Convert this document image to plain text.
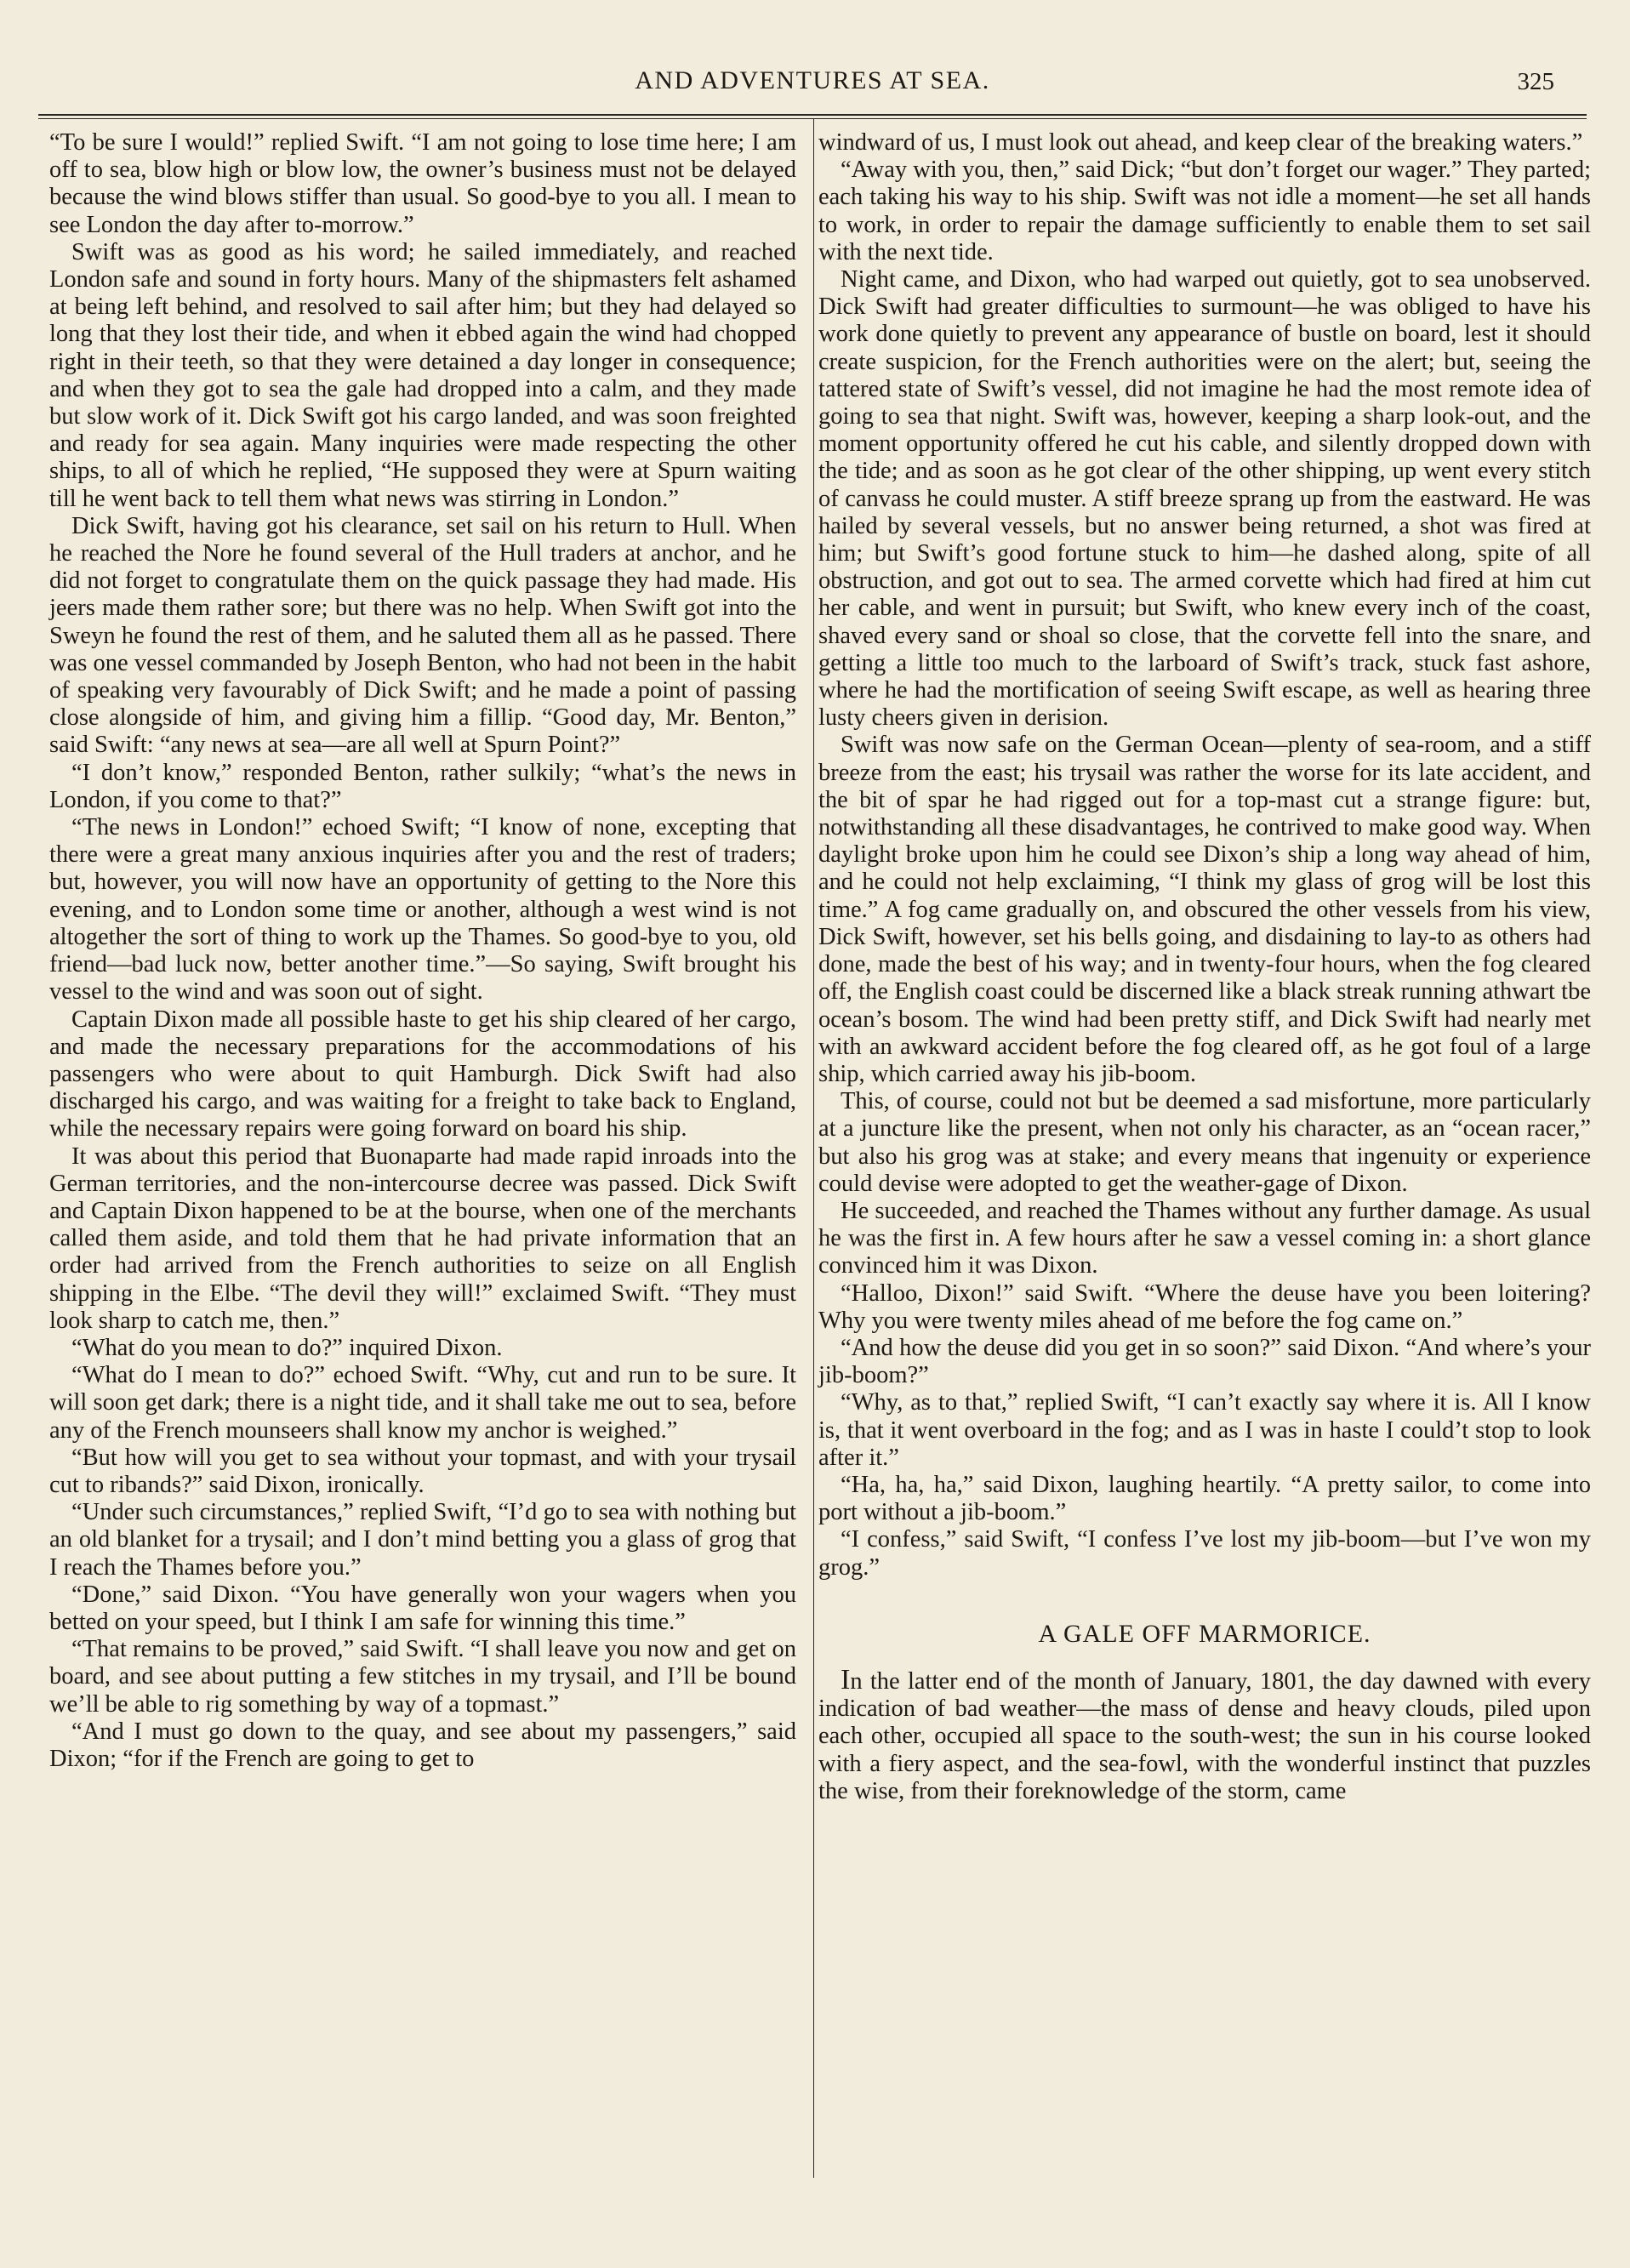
AND ADVENTURES AT SEA.	325

“To be sure I would!” replied Swift. “I am not going to lose time here; I am off to sea, blow high or blow low, the owner’s business must not be delayed because the wind blows stiffer than usual. So good-bye to you all. I mean to see London the day after to-morrow.”

Swift was as good as his word; he sailed immediately, and reached London safe and sound in forty hours. Many of the shipmasters felt ashamed at being left behind, and resolved to sail after him; but they had delayed so long that they lost their tide, and when it ebbed again the wind had chopped right in their teeth, so that they were detained a day longer in consequence; and when they got to sea the gale had dropped into a calm, and they made but slow work of it. Dick Swift got his cargo landed, and was soon freighted and ready for sea again. Many inquiries were made respecting the other ships, to all of which he replied, “He supposed they were at Spurn waiting till he went back to tell them what news was stirring in London.”

Dick Swift, having got his clearance, set sail on his return to Hull. When he reached the Nore he found several of the Hull traders at anchor, and he did not forget to congratulate them on the quick passage they had made. His jeers made them rather sore; but there was no help. When Swift got into the Sweyn he found the rest of them, and he saluted them all as he passed. There was one vessel commanded by Joseph Benton, who had not been in the habit of speaking very favourably of Dick Swift; and he made a point of passing close alongside of him, and giving him a fillip. “Good day, Mr. Benton,” said Swift: “any news at sea—are all well at Spurn Point?”

“I don’t know,” responded Benton, rather sulkily; “what’s the news in London, if you come to that?”

“The news in London!” echoed Swift; “I know of none, excepting that there were a great many anxious inquiries after you and the rest of traders; but, however, you will now have an opportunity of getting to the Nore this evening, and to London some time or another, although a west wind is not altogether the sort of thing to work up the Thames. So good-bye to you, old friend—bad luck now, better another time.”—So saying, Swift brought his vessel to the wind and was soon out of sight.

Captain Dixon made all possible haste to get his ship cleared of her cargo, and made the necessary preparations for the accommodations of his passengers who were about to quit Hamburgh. Dick Swift had also discharged his cargo, and was waiting for a freight to take back to England, while the necessary repairs were going forward on board his ship.

It was about this period that Buonaparte had made rapid inroads into the German territories, and the non-intercourse decree was passed. Dick Swift and Captain Dixon happened to be at the bourse, when one of the merchants called them aside, and told them that he had private information that an order had arrived from the French authorities to seize on all English shipping in the Elbe. “The devil they will!” exclaimed Swift. “They must look sharp to catch me, then.”

“What do you mean to do?” inquired Dixon.

“What do I mean to do?” echoed Swift. “Why, cut and run to be sure. It will soon get dark; there is a night tide, and it shall take me out to sea, before any of the French mounseers shall know my anchor is weighed.”

“But how will you get to sea without your topmast, and with your trysail cut to ribands?” said Dixon, ironically.

“Under such circumstances,” replied Swift, “I’d go to sea with nothing but an old blanket for a trysail; and I don’t mind betting you a glass of grog that I reach the Thames before you.”

“Done,” said Dixon. “You have generally won your wagers when you betted on your speed, but I think I am safe for winning this time.”

“That remains to be proved,” said Swift. “I shall leave you now and get on board, and see about putting a few stitches in my trysail, and I’ll be bound we’ll be able to rig something by way of a topmast.”

“And I must go down to the quay, and see about my passengers,” said Dixon; “for if the French are going to get to

windward of us, I must look out ahead, and keep clear of the breaking waters.”

“Away with you, then,” said Dick; “but don’t forget our wager.” They parted; each taking his way to his ship. Swift was not idle a moment—he set all hands to work, in order to repair the damage sufficiently to enable them to set sail with the next tide.

Night came, and Dixon, who had warped out quietly, got to sea unobserved. Dick Swift had greater difficulties to surmount—he was obliged to have his work done quietly to prevent any appearance of bustle on board, lest it should create suspicion, for the French authorities were on the alert; but, seeing the tattered state of Swift’s vessel, did not imagine he had the most remote idea of going to sea that night. Swift was, however, keeping a sharp look-out, and the moment opportunity offered he cut his cable, and silently dropped down with the tide; and as soon as he got clear of the other shipping, up went every stitch of canvass he could muster. A stiff breeze sprang up from the eastward. He was hailed by several vessels, but no answer being returned, a shot was fired at him; but Swift’s good fortune stuck to him—he dashed along, spite of all obstruction, and got out to sea. The armed corvette which had fired at him cut her cable, and went in pursuit; but Swift, who knew every inch of the coast, shaved every sand or shoal so close, that the corvette fell into the snare, and getting a little too much to the larboard of Swift’s track, stuck fast ashore, where he had the mortification of seeing Swift escape, as well as hearing three lusty cheers given in derision.

Swift was now safe on the German Ocean—plenty of sea-room, and a stiff breeze from the east; his trysail was rather the worse for its late accident, and the bit of spar he had rigged out for a top-mast cut a strange figure: but, notwithstanding all these disadvantages, he contrived to make good way. When daylight broke upon him he could see Dixon’s ship a long way ahead of him, and he could not help exclaiming, “I think my glass of grog will be lost this time.” A fog came gradually on, and obscured the other vessels from his view, Dick Swift, however, set his bells going, and disdaining to lay-to as others had done, made the best of his way; and in twenty-four hours, when the fog cleared off, the English coast could be discerned like a black streak running athwart tbe ocean’s bosom. The wind had been pretty stiff, and Dick Swift had nearly met with an awkward accident before the fog cleared off, as he got foul of a large ship, which carried away his jib-boom.

This, of course, could not but be deemed a sad misfortune, more particularly at a juncture like the present, when not only his character, as an “ocean racer,” but also his grog was at stake; and every means that ingenuity or experience could devise were adopted to get the weather-gage of Dixon.

He succeeded, and reached the Thames without any further damage. As usual he was the first in. A few hours after he saw a vessel coming in: a short glance convinced him it was Dixon.

“Halloo, Dixon!” said Swift. “Where the deuse have you been loitering? Why you were twenty miles ahead of me before the fog came on.”

“And how the deuse did you get in so soon?” said Dixon. “And where’s your jib-boom?”

“Why, as to that,” replied Swift, “I can’t exactly say where it is. All I know is, that it went overboard in the fog; and as I was in haste I could’t stop to look after it.”

“Ha, ha, ha,” said Dixon, laughing heartily. “A pretty sailor, to come into port without a jib-boom.”

“I confess,” said Swift, “I confess I’ve lost my jib-boom—but I’ve won my grog.”

A GALE OFF MARMORICE.

In the latter end of the month of January, 1801, the day dawned with every indication of bad weather—the mass of dense and heavy clouds, piled upon each other, occupied all space to the south-west; the sun in his course looked with a fiery aspect, and the sea-fowl, with the wonderful instinct that puzzles the wise, from their foreknowledge of the storm, came
